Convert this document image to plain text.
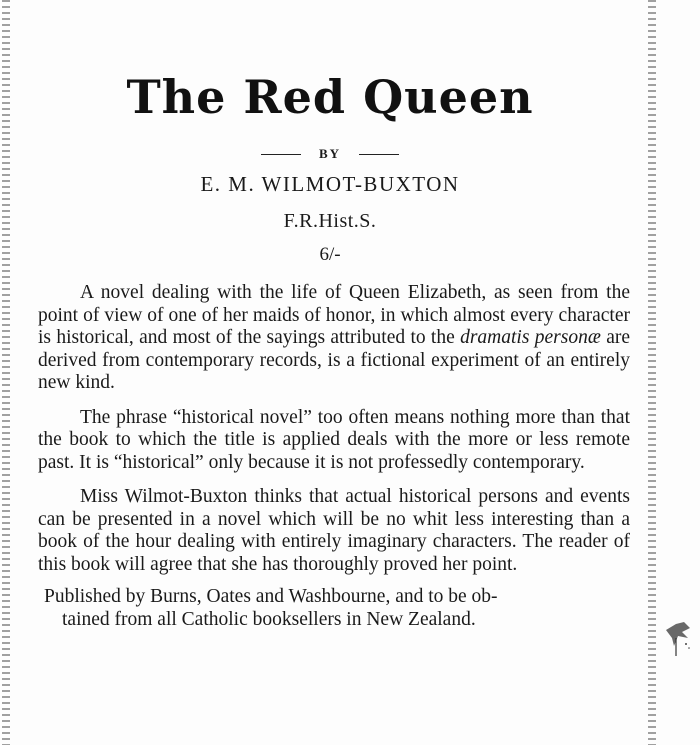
The Red Queen
BY
E. M. WILMOT-BUXTON
F.R.Hist.S.
6/-

A novel dealing with the life of Queen Elizabeth, as seen from the point of view of one of her maids of honor, in which almost every character is historical, and most of the sayings attributed to the dramatis personæ are derived from contemporary records, is a fictional experiment of an entirely new kind.

The phrase “historical novel” too often means nothing more than that the book to which the title is applied deals with the more or less remote past. It is “historical” only because it is not professedly contemporary.

Miss Wilmot-Buxton thinks that actual historical persons and events can be presented in a novel which will be no whit less interesting than a book of the hour dealing with entirely imaginary characters. The reader of this book will agree that she has thoroughly proved her point.

Published by Burns, Oates and Washbourne, and to be ob-
tained from all Catholic booksellers in New Zealand.
